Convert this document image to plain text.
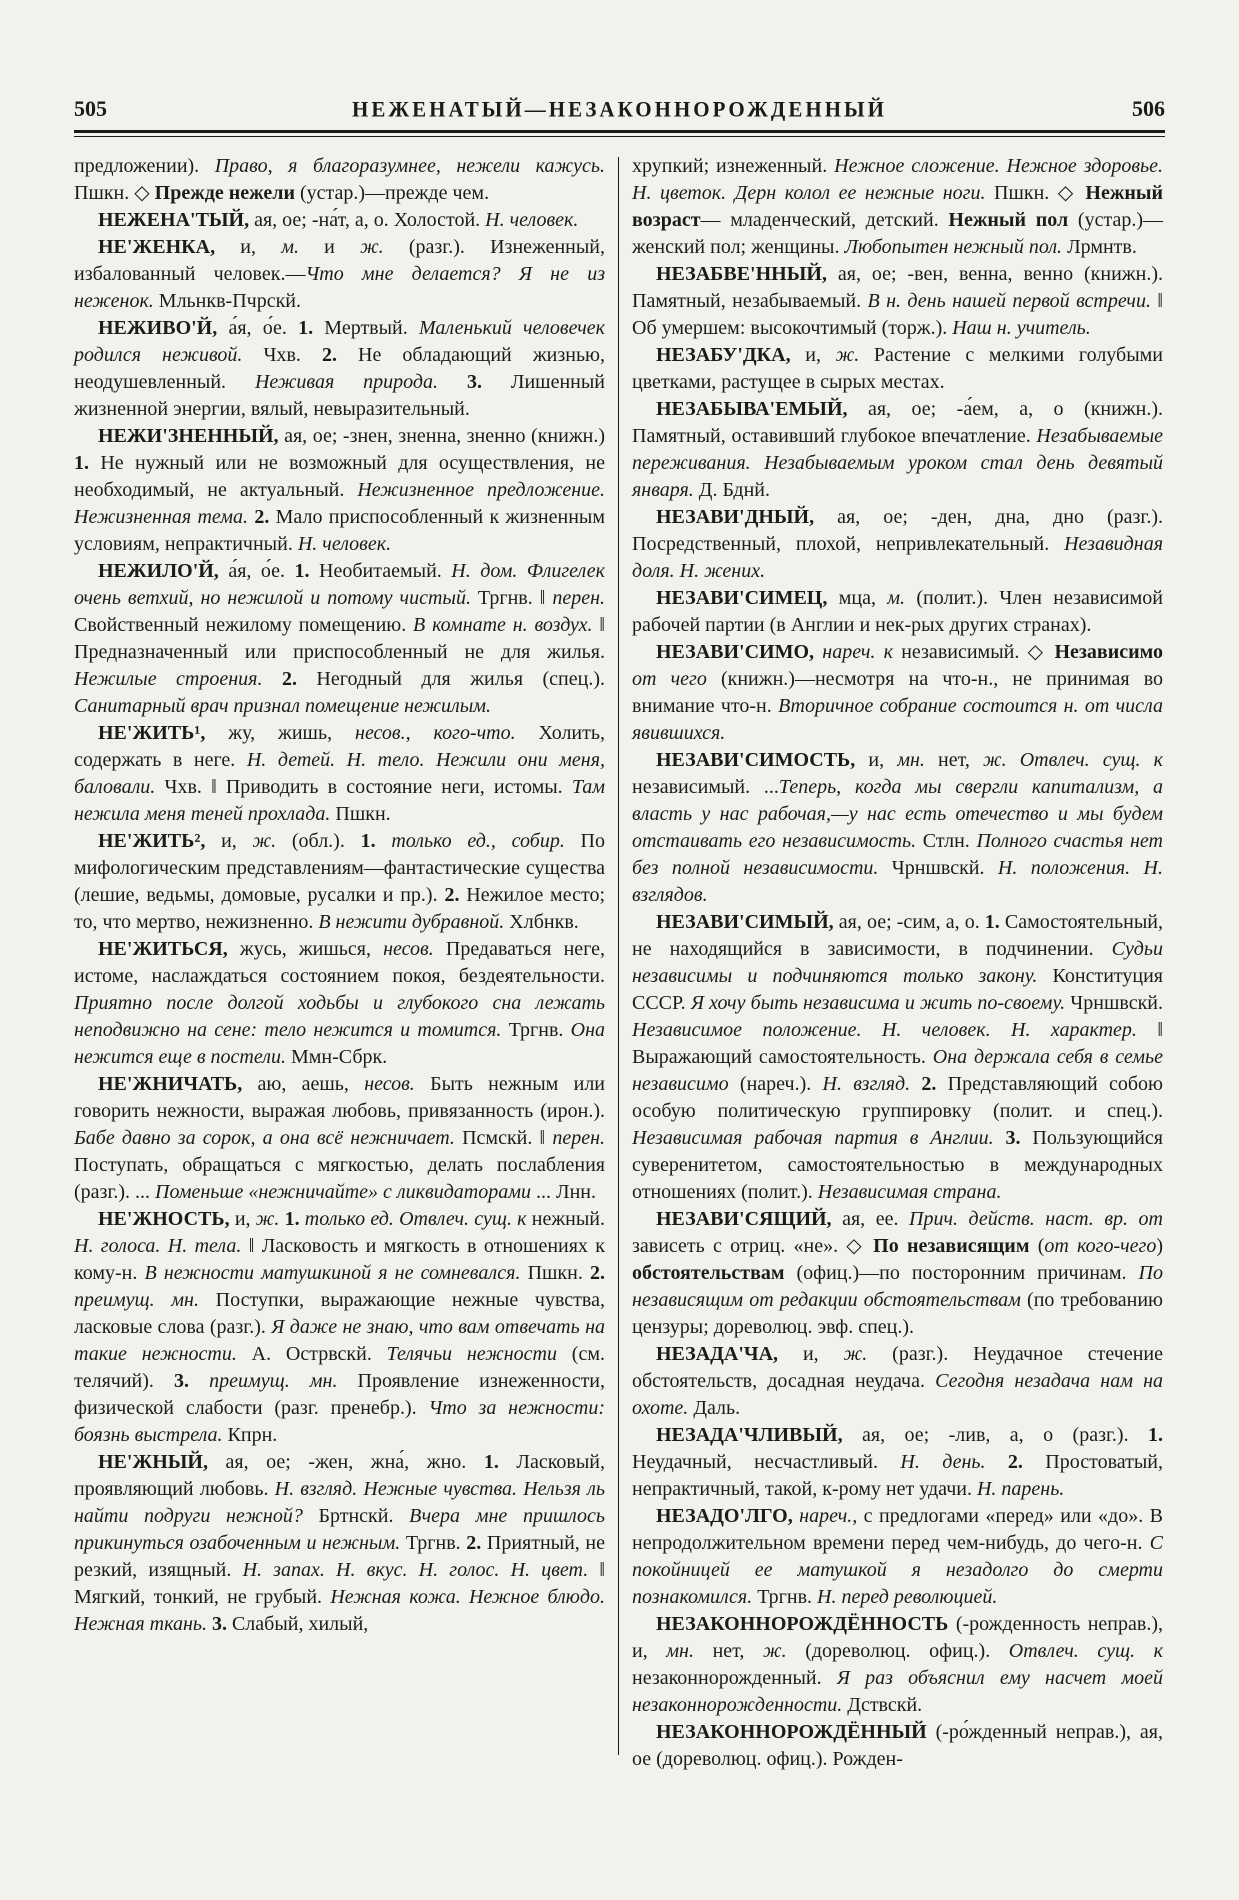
505	НЕЖЕНАТЫЙ—НЕЗАКОННОРОЖДЕННЫЙ	506

предложении). Право, я благоразумнее, нежели кажусь. Пшкн. ◇ Прежде нежели (устар.)—прежде чем.

НЕЖЕНА'ТЫЙ, ая, ое; -на́т, а, о. Холостой. Н. человек.

НЕ'ЖЕНКА, и, м. и ж. (разг.). Изнеженный, избалованный человек.—Что мне делается? Я не из неженок. Мльнкв-Пчрскй.

НЕЖИВО'Й, а́я, о́е. 1. Мертвый. Маленький человечек родился неживой. Чхв. 2. Не обладающий жизнью, неодушевленный. Неживая природа. 3. Лишенный жизненной энергии, вялый, невыразительный.

НЕЖИ'ЗНЕННЫЙ, ая, ое; -знен, зненна, зненно (книжн.) 1. Не нужный или не возможный для осуществления, не необходимый, не актуальный. Нежизненное предложение. Нежизненная тема. 2. Мало приспособленный к жизненным условиям, непрактичный. Н. человек.

НЕЖИЛО'Й, а́я, о́е. 1. Необитаемый. Н. дом. Флигелек очень ветхий, но нежилой и потому чистый. Тргнв. ‖ перен. Свойственный нежилому помещению. В комнате н. воздух. ‖ Предназначенный или приспособленный не для жилья. Нежилые строения. 2. Негодный для жилья (спец.). Санитарный врач признал помещение нежилым.

НЕ'ЖИТЬ¹, жу, жишь, несов., кого-что. Холить, содержать в неге. Н. детей. Н. тело. Нежили они меня, баловали. Чхв. ‖ Приводить в состояние неги, истомы. Там нежила меня теней прохлада. Пшкн.

НЕ'ЖИТЬ², и, ж. (обл.). 1. только ед., собир. По мифологическим представлениям—фантастические существа (лешие, ведьмы, домовые, русалки и пр.). 2. Нежилое место; то, что мертво, нежизненно. В нежити дубравной. Хлбнкв.

НЕ'ЖИТЬСЯ, жусь, жишься, несов. Предаваться неге, истоме, наслаждаться состоянием покоя, бездеятельности. Приятно после долгой ходьбы и глубокого сна лежать неподвижно на сене: тело нежится и томится. Тргнв. Она нежится еще в постели. Ммн-Сбрк.

НЕ'ЖНИЧАТЬ, аю, аешь, несов. Быть нежным или говорить нежности, выражая любовь, привязанность (ирон.). Бабе давно за сорок, а она всё нежничает. Псмскй. ‖ перен. Поступать, обращаться с мягкостью, делать послабления (разг.). ... Поменьше «нежничайте» с ликвидаторами ... Лнн.

НЕ'ЖНОСТЬ, и, ж. 1. только ед. Отвлеч. сущ. к нежный. Н. голоса. Н. тела. ‖ Ласковость и мягкость в отношениях к кому-н. В нежности матушкиной я не сомневался. Пшкн. 2. преимущ. мн. Поступки, выражающие нежные чувства, ласковые слова (разг.). Я даже не знаю, что вам отвечать на такие нежности. А. Острвскй. Телячьи нежности (см. телячий). 3. преимущ. мн. Проявление изнеженности, физической слабости (разг. пренебр.). Что за нежности: боязнь выстрела. Кпрн.

НЕ'ЖНЫЙ, ая, ое; -жен, жна́, жно. 1. Ласковый, проявляющий любовь. Н. взгляд. Нежные чувства. Нельзя ль найти подруги нежной? Бртнскй. Вчера мне пришлось прикинуться озабоченным и нежным. Тргнв. 2. Приятный, не резкий, изящный. Н. запах. Н. вкус. Н. голос. Н. цвет. ‖ Мягкий, тонкий, не грубый. Нежная кожа. Нежное блюдо. Нежная ткань. 3. Слабый, хилый,

хрупкий; изнеженный. Нежное сложение. Нежное здоровье. Н. цветок. Дерн колол ее нежные ноги. Пшкн. ◇ Нежный возраст— младенческий, детский. Нежный пол (устар.)— женский пол; женщины. Любопытен нежный пол. Лрмнтв.

НЕЗАБВЕ'ННЫЙ, ая, ое; -вен, венна, венно (книжн.). Памятный, незабываемый. В н. день нашей первой встречи. ‖ Об умершем: высокочтимый (торж.). Наш н. учитель.

НЕЗАБУ'ДКА, и, ж. Растение с мелкими голубыми цветками, растущее в сырых местах.

НЕЗАБЫВА'ЕМЫЙ, ая, ое; -а́ем, а, о (книжн.). Памятный, оставивший глубокое впечатление. Незабываемые переживания. Незабываемым уроком стал день девятый января. Д. Бднй.

НЕЗАВИ'ДНЫЙ, ая, ое; -ден, дна, дно (разг.). Посредственный, плохой, непривлекательный. Незавидная доля. Н. жених.

НЕЗАВИ'СИМЕЦ, мца, м. (полит.). Член независимой рабочей партии (в Англии и нек-рых других странах).

НЕЗАВИ'СИМО, нареч. к независимый. ◇ Независимо от чего (книжн.)—несмотря на что-н., не принимая во внимание что-н. Вторичное собрание состоится н. от числа явившихся.

НЕЗАВИ'СИМОСТЬ, и, мн. нет, ж. Отвлеч. сущ. к независимый. ...Теперь, когда мы свергли капитализм, а власть у нас рабочая,—у нас есть отечество и мы будем отстаивать его независимость. Стлн. Полного счастья нет без полной независимости. Чрншвскй. Н. положения. Н. взглядов.

НЕЗАВИ'СИМЫЙ, ая, ое; -сим, а, о. 1. Самостоятельный, не находящийся в зависимости, в подчинении. Судьи независимы и подчиняются только закону. Конституция СССР. Я хочу быть независима и жить по-своему. Чрншвскй. Независимое положение. Н. человек. Н. характер. ‖ Выражающий самостоятельность. Она держала себя в семье независимо (нареч.). Н. взгляд. 2. Представляющий собою особую политическую группировку (полит. и спец.). Независимая рабочая партия в Англии. 3. Пользующийся суверенитетом, самостоятельностью в международных отношениях (полит.). Независимая страна.

НЕЗАВИ'СЯЩИЙ, ая, ее. Прич. действ. наст. вр. от зависеть с отриц. «не». ◇ По независящим (от кого-чего) обстоятельствам (офиц.)—по посторонним причинам. По независящим от редакции обстоятельствам (по требованию цензуры; дореволюц. эвф. спец.).

НЕЗАДА'ЧА, и, ж. (разг.). Неудачное стечение обстоятельств, досадная неудача. Сегодня незадача нам на охоте. Даль.

НЕЗАДА'ЧЛИВЫЙ, ая, ое; -лив, а, о (разг.). 1. Неудачный, несчастливый. Н. день. 2. Простоватый, непрактичный, такой, к-рому нет удачи. Н. парень.

НЕЗАДО'ЛГО, нареч., с предлогами «перед» или «до». В непродолжительном времени перед чем-нибудь, до чего-н. С покойницей ее матушкой я незадолго до смерти познакомился. Тргнв. Н. перед революцией.

НЕЗАКОННОРОЖДЁННОСТЬ (-рожденность неправ.), и, мн. нет, ж. (дореволюц. офиц.). Отвлеч. сущ. к незаконнорожденный. Я раз объяснил ему насчет моей незаконнорожденности. Дствскй.

НЕЗАКОННОРОЖДЁННЫЙ (-ро́жденный неправ.), ая, ое (дореволюц. офиц.). Рожден-
